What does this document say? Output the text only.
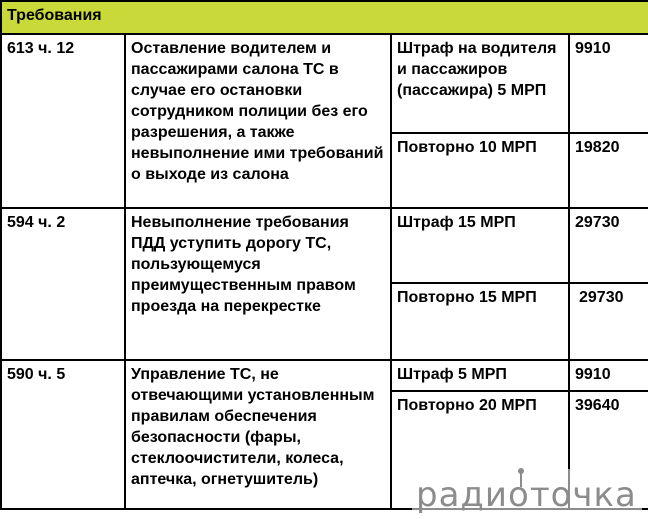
Требования			
613 ч. 12	Оставление водителем и пассажирами салона ТС в случае его остановки сотрудником полиции без его разрешения, а также невыполнение ими требований о выходе из салона	Штраф на водителя и пассажиров (пассажира) 5 МРП	9910
		Повторно 10 МРП	19820
594 ч. 2	Невыполнение требования ПДД уступить дорогу ТС, пользующемуся преимущественным правом проезда на перекрестке	Штраф 15 МРП	29730
		Повторно 15 МРП	29730
590 ч. 5	Управление ТС, не отвечающими установленным правилам обеспечения безопасности (фары, стеклоочистители, колеса, аптечка, огнетушитель)	Штраф 5 МРП	9910
		Повторно 20 МРП	39640
радиоточка
